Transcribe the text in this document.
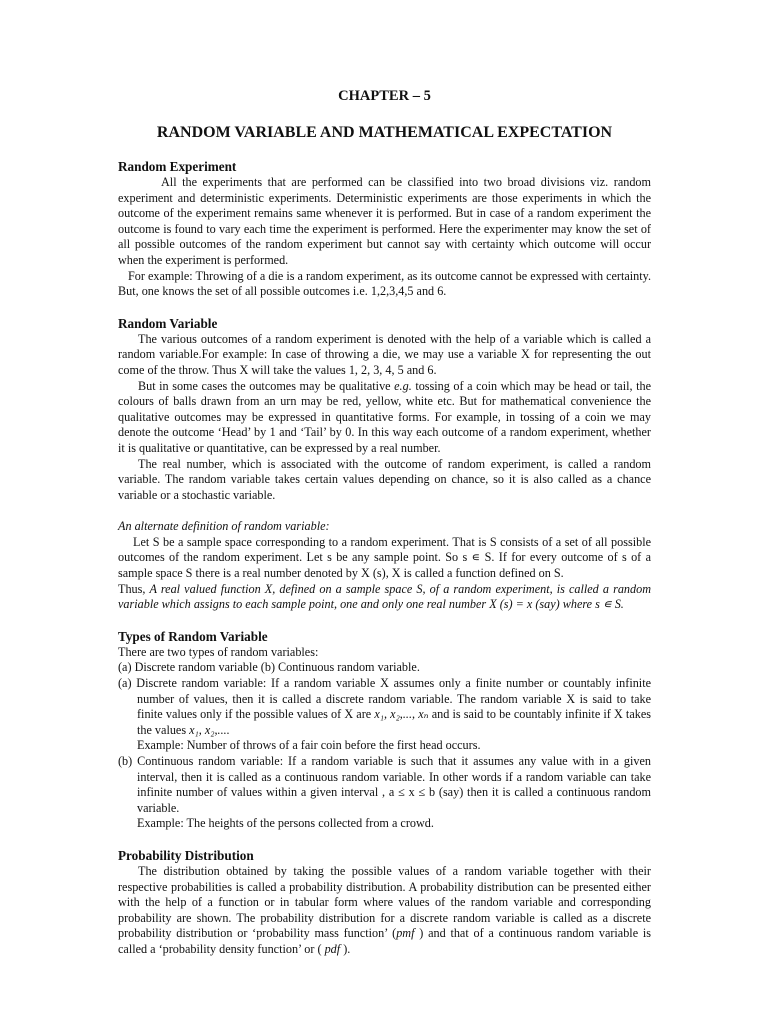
CHAPTER – 5
RANDOM VARIABLE AND MATHEMATICAL EXPECTATION
Random Experiment

All the experiments that are performed can be classified into two broad divisions viz. random experiment and deterministic experiments. Deterministic experiments are those experiments in which the outcome of the experiment remains same whenever it is performed. But in case of a random experiment the outcome is found to vary each time the experiment is performed. Here the experimenter may know the set of all possible outcomes of the random experiment but cannot say with certainty which outcome will occur when the experiment is performed.

For example: Throwing of a die is a random experiment, as its outcome cannot be expressed with certainty. But, one knows the set of all possible outcomes i.e. 1,2,3,4,5 and 6.

Random Variable

The various outcomes of a random experiment is denoted with the help of a variable which is called a random variable.For example: In case of throwing a die, we may use a variable X for representing the out come of the throw. Thus X will take the values 1, 2, 3, 4, 5 and 6.

But in some cases the outcomes may be qualitative e.g. tossing of a coin which may be head or tail, the colours of balls drawn from an urn may be red, yellow, white etc. But for mathematical convenience the qualitative outcomes may be expressed in quantitative forms. For example, in tossing of a coin we may denote the outcome ‘Head’ by 1 and ‘Tail’ by 0. In this way each outcome of a random experiment, whether it is qualitative or quantitative, can be expressed by a real number.

The real number, which is associated with the outcome of random experiment, is called a random variable. The random variable takes certain values depending on chance, so it is also called as a chance variable or a stochastic variable.

An alternate definition of random variable:

Let S be a sample space corresponding to a random experiment. That is S consists of a set of all possible outcomes of the random experiment. Let s be any sample point. So s ∊ S. If for every outcome of s of a sample space S there is a real number denoted by X (s), X is called a function defined on S.

Thus, A real valued function X, defined on a sample space S, of a random experiment, is called a random variable which assigns to each sample point, one and only one real number X (s) = x (say) where s ∊ S.

Types of Random Variable

There are two types of random variables:

(a) Discrete random variable (b) Continuous random variable.

(a) Discrete random variable: If a random variable X assumes only a finite number or countably infinite number of values, then it is called a discrete random variable. The random variable X is said to take finite values only if the possible values of X are x₁, x₂,..., xₙ and is said to be countably infinite if X takes the values x₁, x₂,....

Example: Number of throws of a fair coin before the first head occurs.

(b) Continuous random variable: If a random variable is such that it assumes any value with in a given interval, then it is called as a continuous random variable. In other words if a random variable can take infinite number of values within a given interval , a ≤ x ≤ b (say) then it is called a continuous random variable.

Example: The heights of the persons collected from a crowd.

Probability Distribution

The distribution obtained by taking the possible values of a random variable together with their respective probabilities is called a probability distribution. A probability distribution can be presented either with the help of a function or in tabular form where values of the random variable and corresponding probability are shown. The probability distribution for a discrete random variable is called as a discrete probability distribution or ‘probability mass function’ (pmf ) and that of a continuous random variable is called a ‘probability density function’ or ( pdf ).
